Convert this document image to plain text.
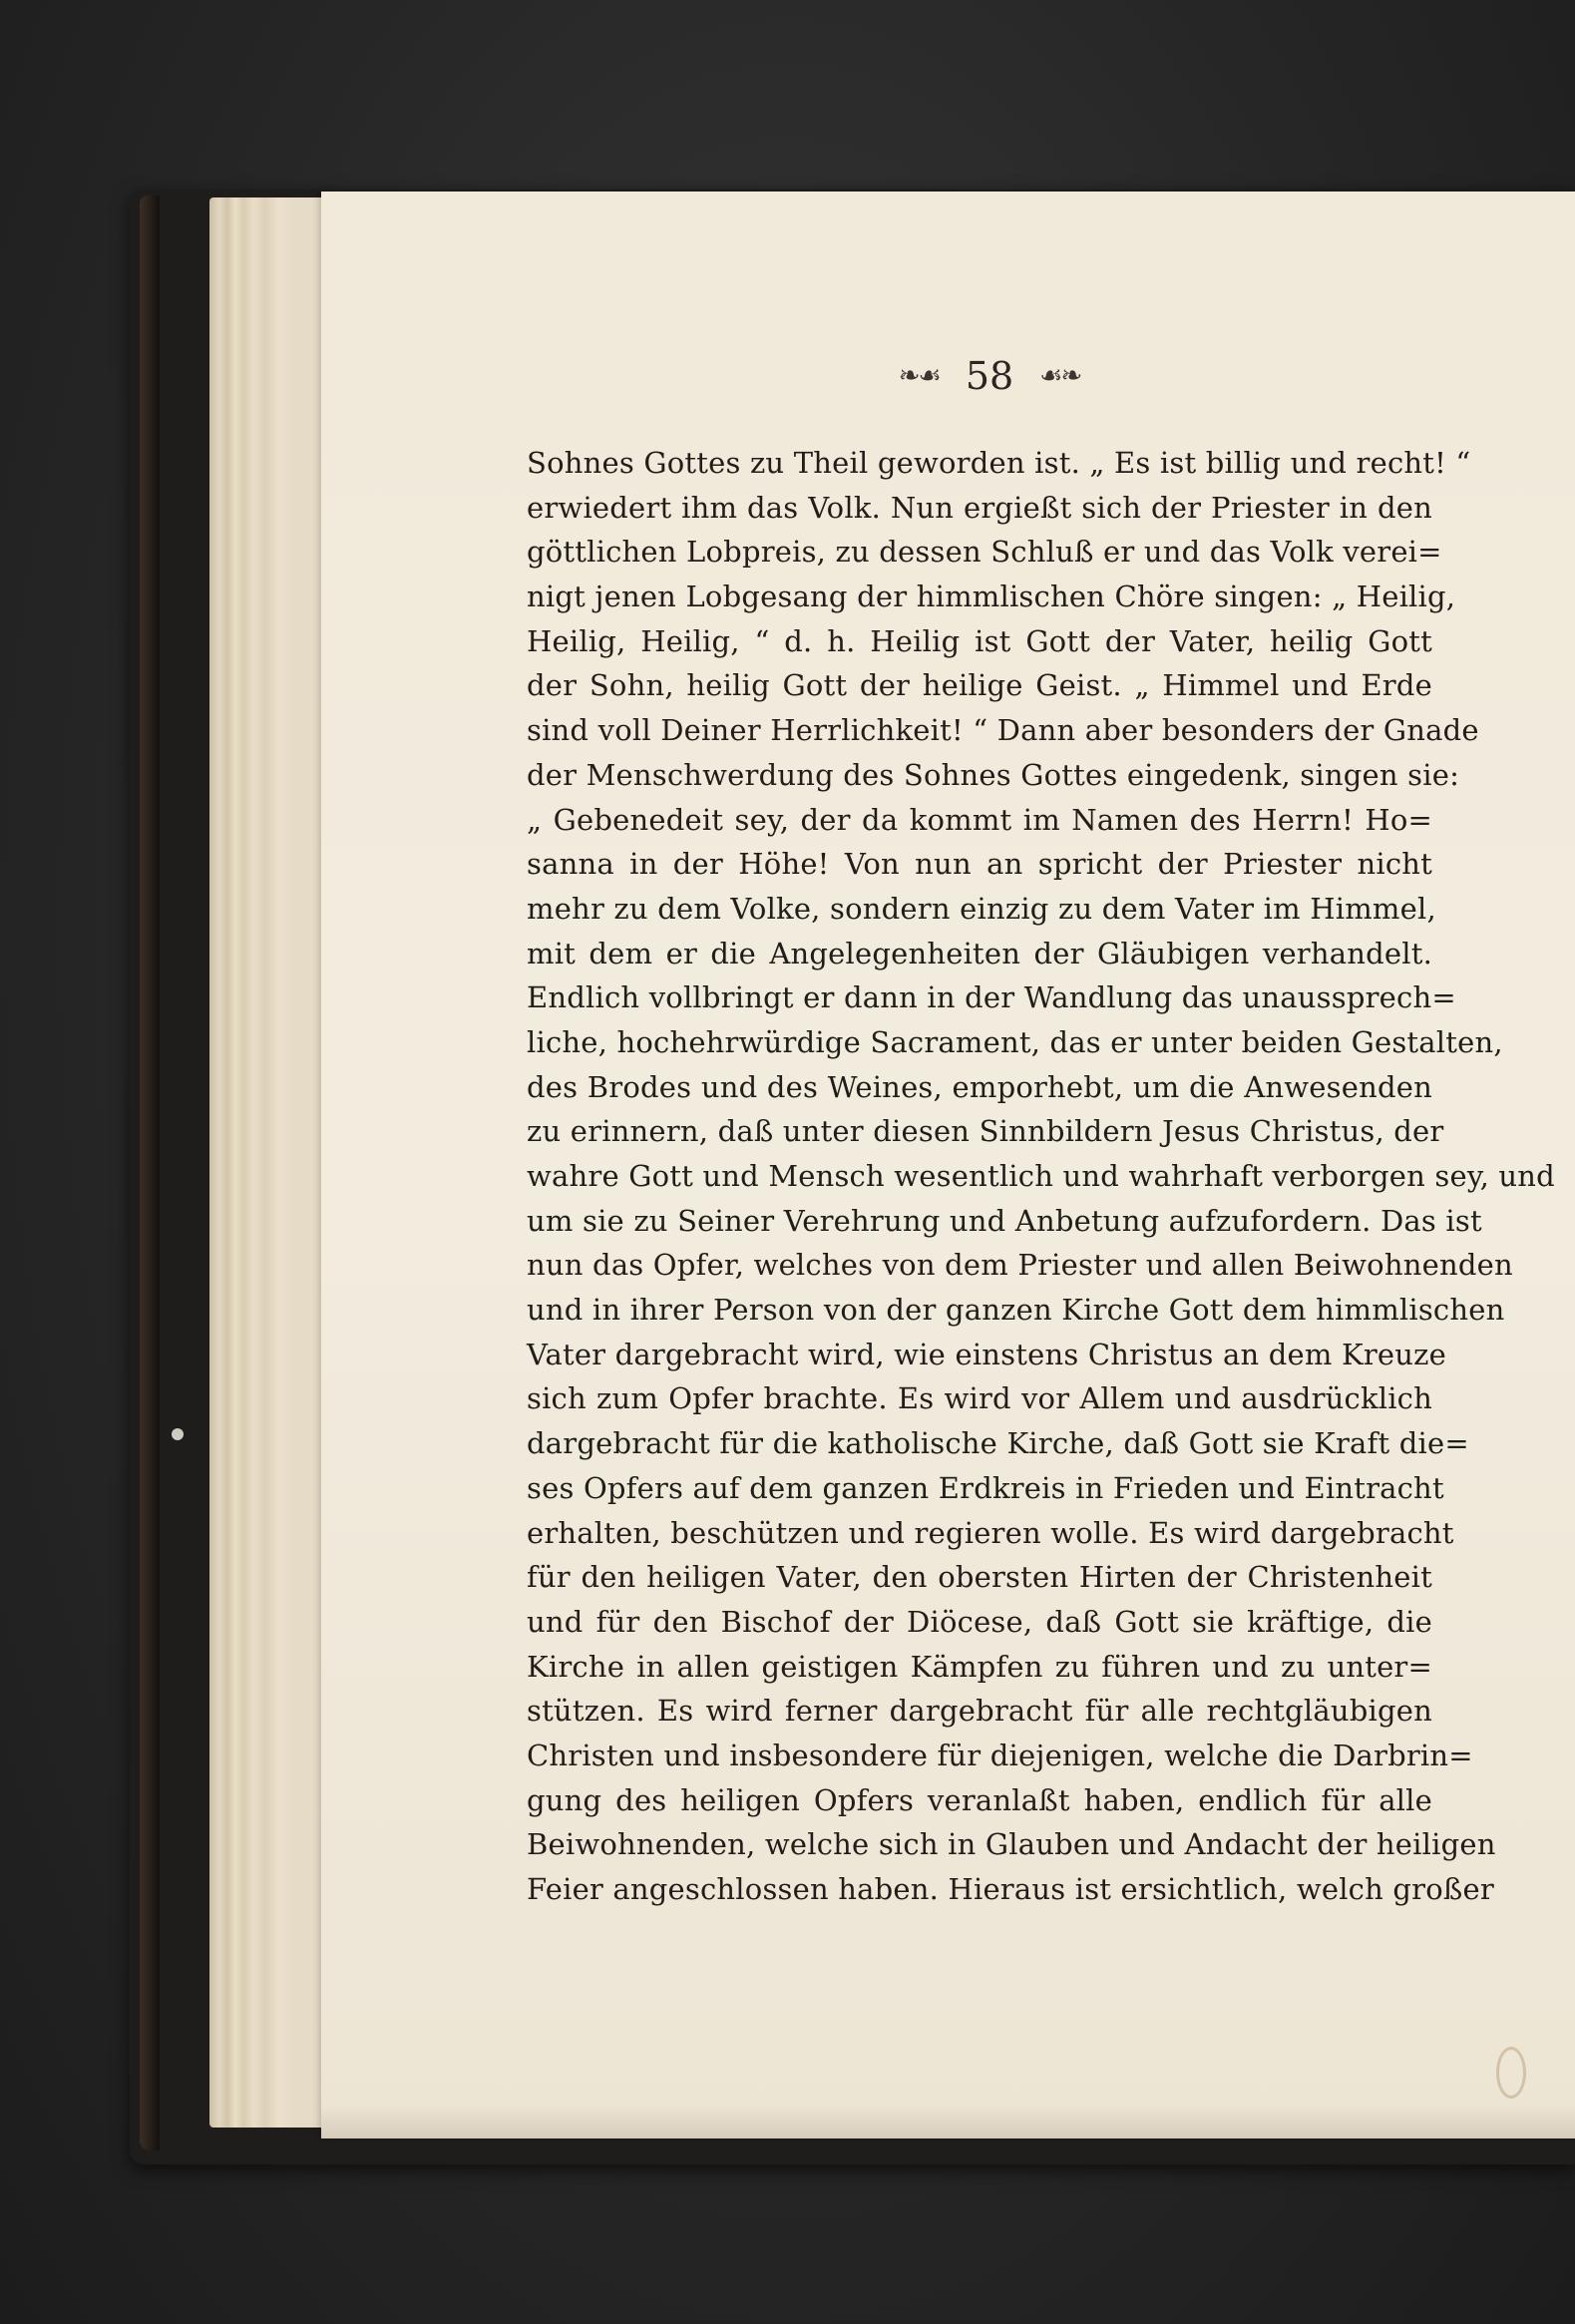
❧☙ 58 ☙❧
Sohnes Gottes zu Theil geworden ist. „ Es ist billig und recht! “
erwiedert ihm das Volk. Nun ergießt sich der Priester in den
göttlichen Lobpreis, zu dessen Schluß er und das Volk verei=
nigt jenen Lobgesang der himmlischen Chöre singen: „ Heilig,
Heilig, Heilig, “ d. h. Heilig ist Gott der Vater, heilig Gott
der Sohn, heilig Gott der heilige Geist. „ Himmel und Erde
sind voll Deiner Herrlichkeit! “ Dann aber besonders der Gnade
der Menschwerdung des Sohnes Gottes eingedenk, singen sie:
„ Gebenedeit sey, der da kommt im Namen des Herrn! Ho=
sanna in der Höhe! Von nun an spricht der Priester nicht
mehr zu dem Volke, sondern einzig zu dem Vater im Himmel,
mit dem er die Angelegenheiten der Gläubigen verhandelt.
Endlich vollbringt er dann in der Wandlung das unaussprech=
liche, hochehrwürdige Sacrament, das er unter beiden Gestalten,
des Brodes und des Weines, emporhebt, um die Anwesenden
zu erinnern, daß unter diesen Sinnbildern Jesus Christus, der
wahre Gott und Mensch wesentlich und wahrhaft verborgen sey, und
um sie zu Seiner Verehrung und Anbetung aufzufordern. Das ist
nun das Opfer, welches von dem Priester und allen Beiwohnenden
und in ihrer Person von der ganzen Kirche Gott dem himmlischen
Vater dargebracht wird, wie einstens Christus an dem Kreuze
sich zum Opfer brachte. Es wird vor Allem und ausdrücklich
dargebracht für die katholische Kirche, daß Gott sie Kraft die=
ses Opfers auf dem ganzen Erdkreis in Frieden und Eintracht
erhalten, beschützen und regieren wolle. Es wird dargebracht
für den heiligen Vater, den obersten Hirten der Christenheit
und für den Bischof der Diöcese, daß Gott sie kräftige, die
Kirche in allen geistigen Kämpfen zu führen und zu unter=
stützen. Es wird ferner dargebracht für alle rechtgläubigen
Christen und insbesondere für diejenigen, welche die Darbrin=
gung des heiligen Opfers veranlaßt haben, endlich für alle
Beiwohnenden, welche sich in Glauben und Andacht der heiligen
Feier angeschlossen haben. Hieraus ist ersichtlich, welch großer
